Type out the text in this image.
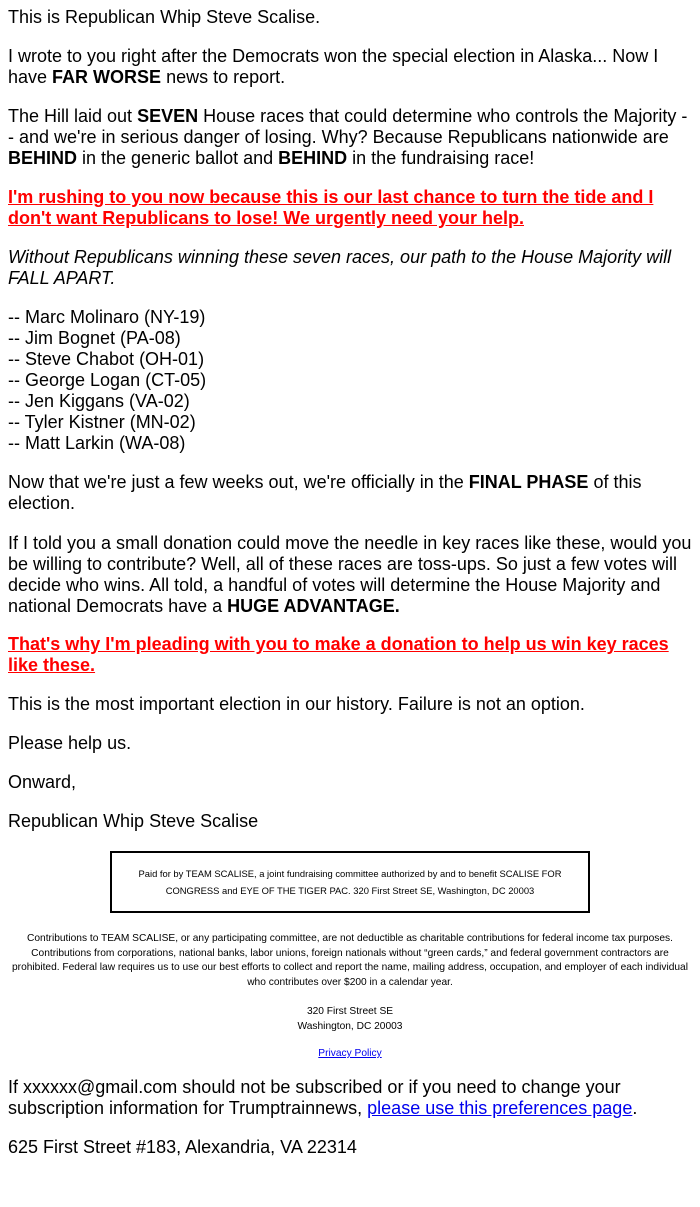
This is Republican Whip Steve Scalise.

I wrote to you right after the Democrats won the special election in Alaska... Now I have FAR WORSE news to report.

The Hill laid out SEVEN House races that could determine who controls the Majority -- and we're in serious danger of losing. Why? Because Republicans nationwide are BEHIND in the generic ballot and BEHIND in the fundraising race!

I'm rushing to you now because this is our last chance to turn the tide and I don't want Republicans to lose! We urgently need your help.

Without Republicans winning these seven races, our path to the House Majority will FALL APART.

-- Marc Molinaro (NY-19)

-- Jim Bognet (PA-08)

-- Steve Chabot (OH-01)

-- George Logan (CT-05)

-- Jen Kiggans (VA-02)

-- Tyler Kistner (MN-02)

-- Matt Larkin (WA-08)

Now that we're just a few weeks out, we're officially in the FINAL PHASE of this election.

If I told you a small donation could move the needle in key races like these, would you be willing to contribute? Well, all of these races are toss-ups. So just a few votes will decide who wins. All told, a handful of votes will determine the House Majority and national Democrats have a HUGE ADVANTAGE.

That's why I'm pleading with you to make a donation to help us win key races like these.

This is the most important election in our history. Failure is not an option.

Please help us.

Onward,

Republican Whip Steve Scalise

Paid for by TEAM SCALISE, a joint fundraising committee authorized by and to benefit SCALISE FOR CONGRESS and EYE OF THE TIGER PAC. 320 First Street SE, Washington, DC 20003
Contributions to TEAM SCALISE, or any participating committee, are not deductible as charitable contributions for federal income tax purposes. Contributions from corporations, national banks, labor unions, foreign nationals without “green cards,” and federal government contractors are prohibited. Federal law requires us to use our best efforts to collect and report the name, mailing address, occupation, and employer of each individual who contributes over $200 in a calendar year.
320 First Street SE
Washington, DC 20003
Privacy Policy

If xxxxxx@gmail.com should not be subscribed or if you need to change your subscription information for Trumptrainnews, please use this preferences page.

625 First Street #183, Alexandria, VA 22314
